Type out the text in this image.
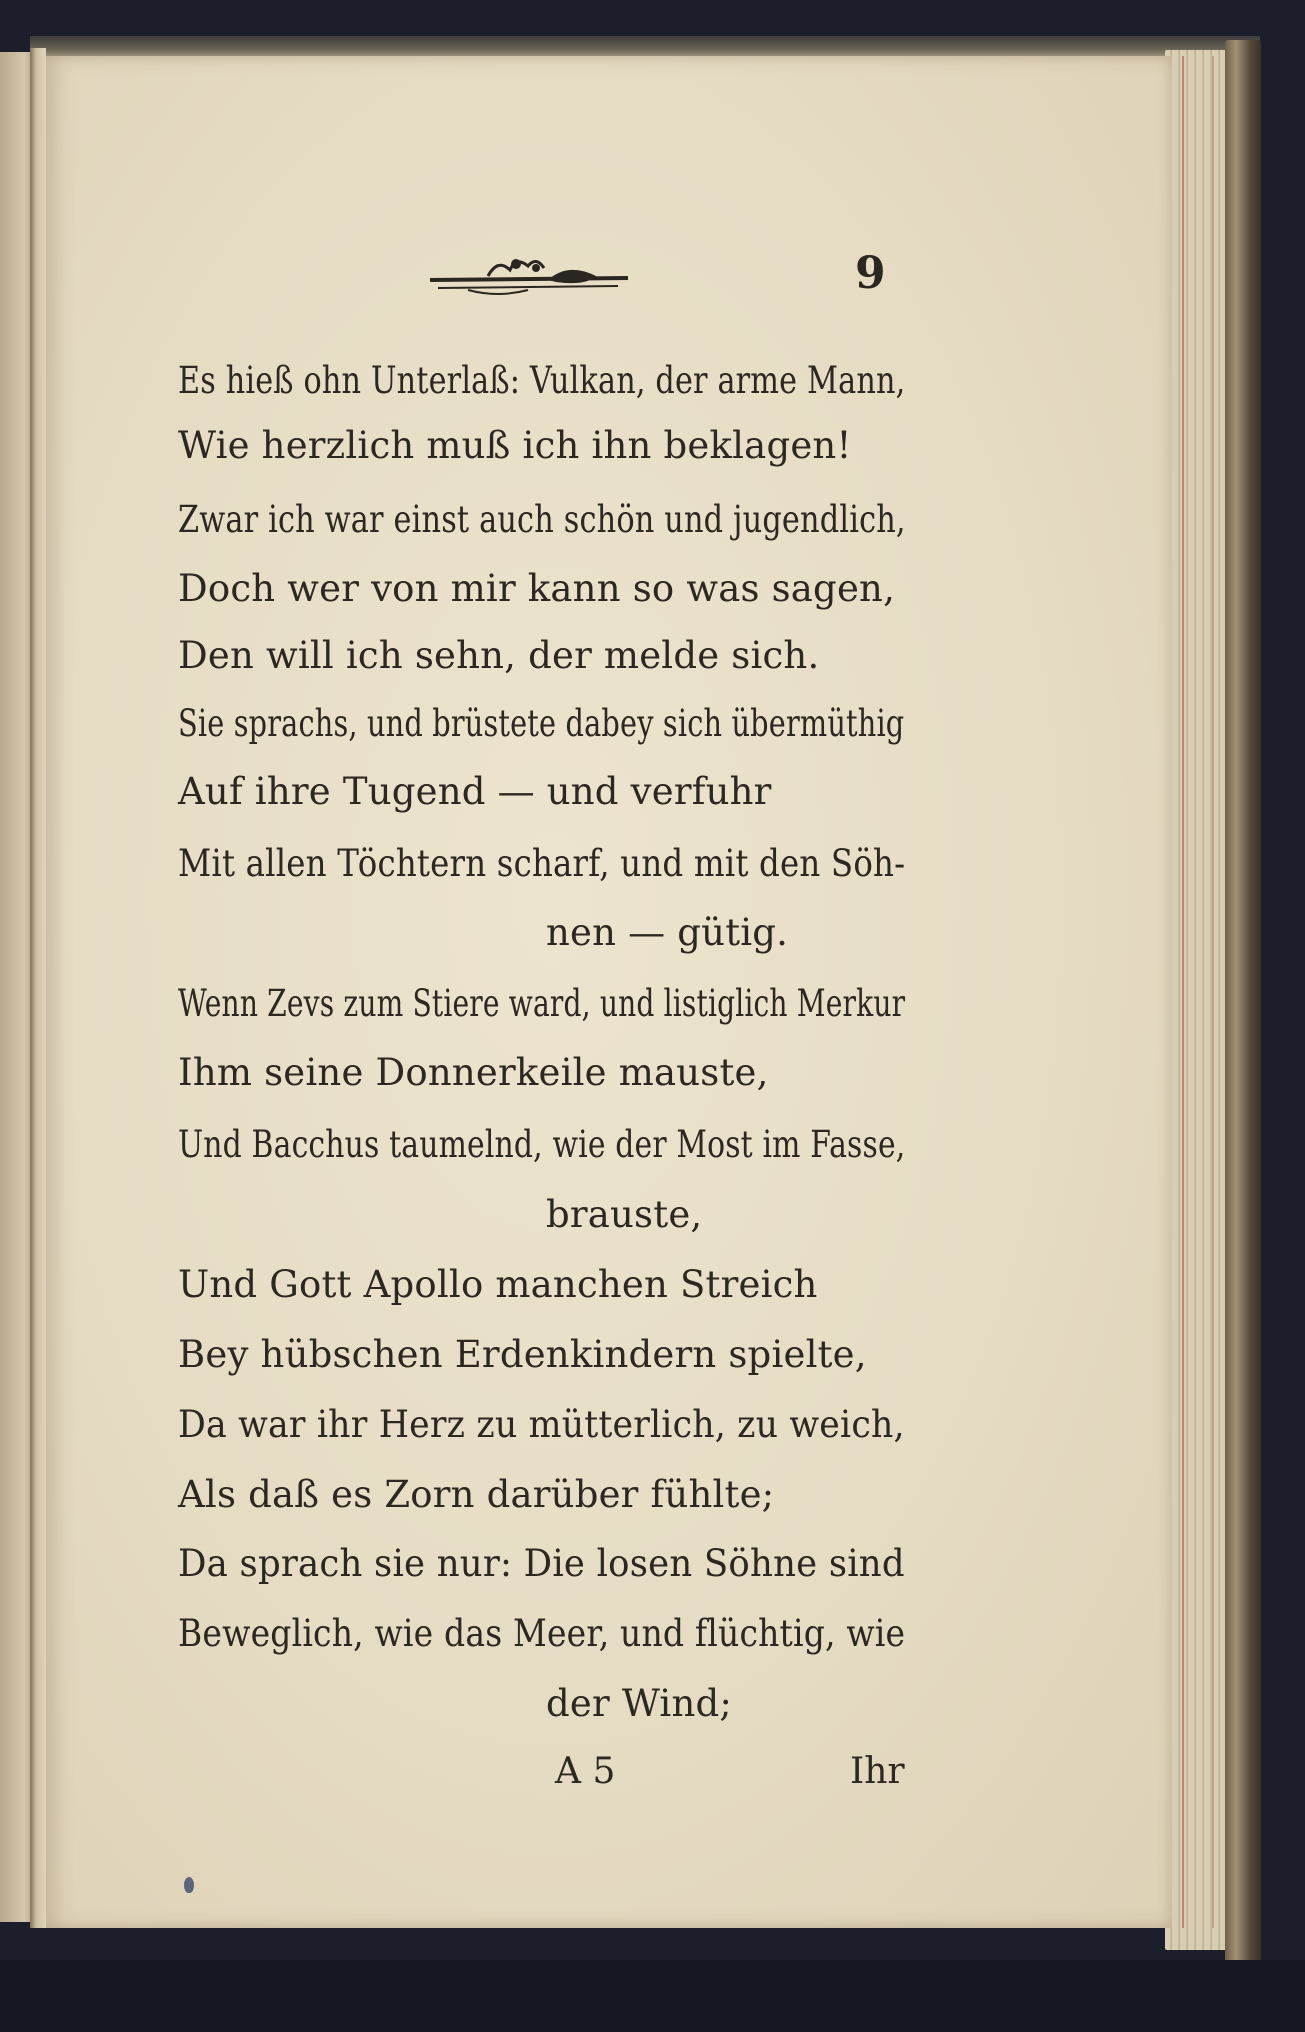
9
Es hieß ohn Unterlaß: Vulkan, der arme Mann,
Wie herzlich muß ich ihn beklagen!
Zwar ich war einst auch schön und jugendlich,
Doch wer von mir kann so was sagen,
Den will ich sehn, der melde sich.
Sie sprachs, und brüstete dabey sich übermüthig
Auf ihre Tugend — und verfuhr
Mit allen Töchtern scharf, und mit den Söh-
nen — gütig.
Wenn Zevs zum Stiere ward, und listiglich Merkur
Ihm seine Donnerkeile mauste,
Und Bacchus taumelnd, wie der Most im Fasse,
brauste,
Und Gott Apollo manchen Streich
Bey hübschen Erdenkindern spielte,
Da war ihr Herz zu mütterlich, zu weich,
Als daß es Zorn darüber fühlte;
Da sprach sie nur: Die losen Söhne sind
Beweglich, wie das Meer, und flüchtig, wie
der Wind;
A 5	Ihr
